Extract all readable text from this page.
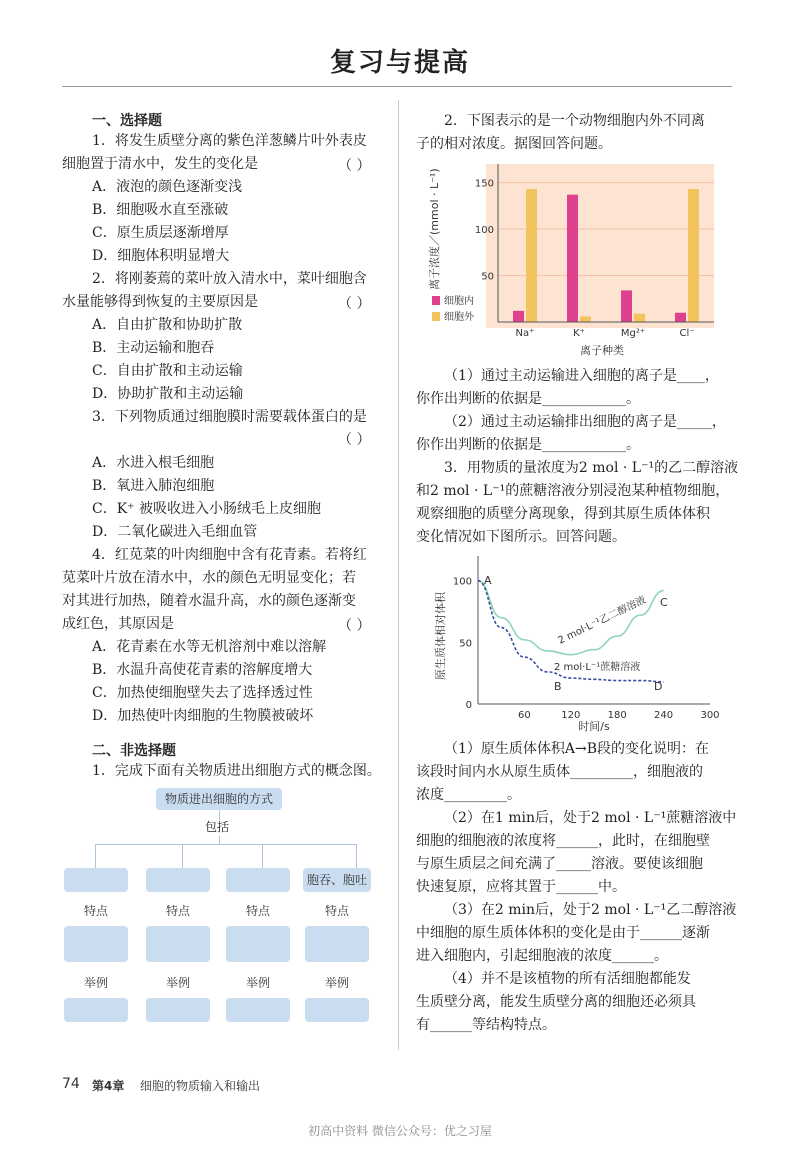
复习与提高
一、选择题
1．将发生质壁分离的紫色洋葱鳞片叶外表皮
细胞置于清水中，发生的变化是	（ ）
A．液泡的颜色逐渐变浅
B．细胞吸水直至涨破
C．原生质层逐渐增厚
D．细胞体积明显增大
2．将刚萎蔫的菜叶放入清水中，菜叶细胞含
水量能够得到恢复的主要原因是	（ ）
A．自由扩散和协助扩散
B．主动运输和胞吞
C．自由扩散和主动运输
D．协助扩散和主动运输
3．下列物质通过细胞膜时需要载体蛋白的是
（ ）
A．水进入根毛细胞
B．氧进入肺泡细胞
C．K⁺ 被吸收进入小肠绒毛上皮细胞
D．二氧化碳进入毛细血管
4．红苋菜的叶肉细胞中含有花青素。若将红
苋菜叶片放在清水中，水的颜色无明显变化；若
对其进行加热，随着水温升高，水的颜色逐渐变
成红色，其原因是	（ ）
A．花青素在水等无机溶剂中难以溶解
B．水温升高使花青素的溶解度增大
C．加热使细胞壁失去了选择透过性
D．加热使叶肉细胞的生物膜被破坏
二、非选择题
1．完成下面有关物质进出细胞方式的概念图。
物质进出细胞的方式
包括
胞吞、胞吐
特点	特点	特点	特点
举例	举例	举例	举例
2．下图表示的是一个动物细胞内外不同离
子的相对浓度。据图回答问题。
50
100
150
Na⁺	K⁺	Mg²⁺	Cl⁻
离子浓度／(mmol · L⁻¹)
离子种类
细胞内
细胞外
（1）通过主动运输进入细胞的离子是____，
你作出判断的依据是____________。
（2）通过主动运输排出细胞的离子是_____，
你作出判断的依据是____________。
3．用物质的量浓度为2 mol · L⁻¹的乙二醇溶液
和2 mol · L⁻¹的蔗糖溶液分别浸泡某种植物细胞，
观察细胞的质壁分离现象，得到其原生质体体积
变化情况如下图所示。回答问题。
0
50
100
60	120	180	240	300
原生质体相对体积
时间/s
A
B
C
D
2 mol·L⁻¹乙二醇溶液
2 mol·L⁻¹蔗糖溶液
（1）原生质体体积A→B段的变化说明：在
该段时间内水从原生质体_________，细胞液的
浓度_________。
（2）在1 min后，处于2 mol · L⁻¹蔗糖溶液中
细胞的细胞液的浓度将______，此时，在细胞壁
与原生质层之间充满了_____溶液。要使该细胞
快速复原，应将其置于______中。
（3）在2 min后，处于2 mol · L⁻¹乙二醇溶液
中细胞的原生质体体积的变化是由于______逐渐
进入细胞内，引起细胞液的浓度______。
（4）并不是该植物的所有活细胞都能发
生质壁分离，能发生质壁分离的细胞还必须具
有______等结构特点。
74 第4章 细胞的物质输入和输出
初高中资料 微信公众号：优之习屋
